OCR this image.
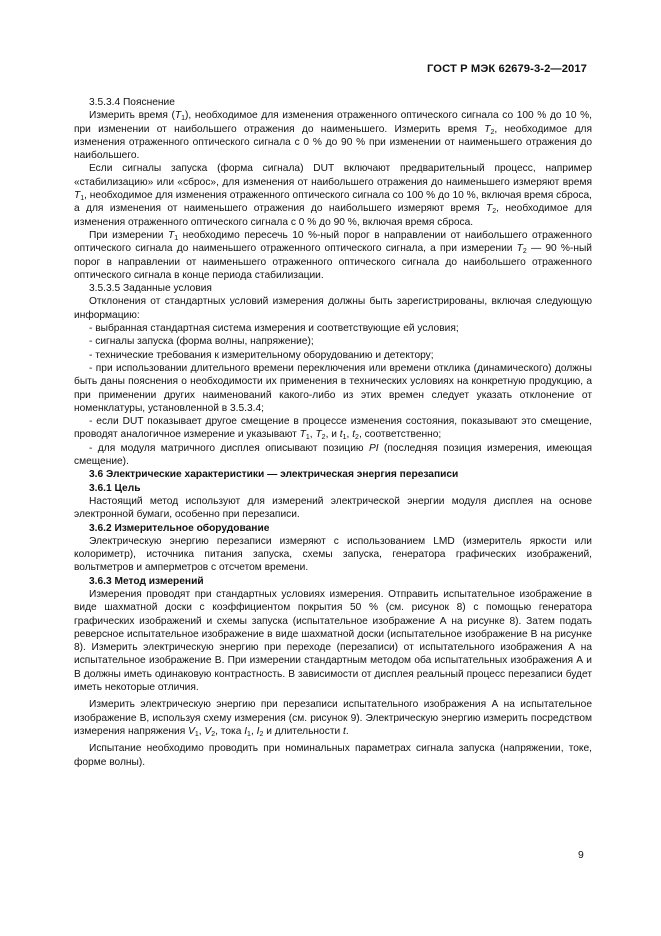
ГОСТ Р МЭК 62679-3-2—2017

3.5.3.4 Пояснение

Измерить время $(T_1)$, необходимое для изменения отраженного оптического сигнала со 100 % до 10 %, при изменении от наибольшего отражения до наименьшего. Измерить время $T_2$, необходимое для изменения отраженного оптического сигнала с 0 % до 90 % при изменении от наименьшего отражения до наибольшего.

Если сигналы запуска (форма сигнала) DUT включают предварительный процесс, например «стабилизацию» или «сброс», для изменения от наибольшего отражения до наименьшего измеряют время $T_1$, необходимое для изменения отраженного оптического сигнала со 100 % до 10 %, включая время сброса, а для изменения от наименьшего отражения до наибольшего измеряют время $T_2$, необходимое для изменения отраженного оптического сигнала с 0 % до 90 %, включая время сброса.

При измерении $T_1$ необходимо пересечь 10 %-ный порог в направлении от наибольшего отраженного оптического сигнала до наименьшего отраженного оптического сигнала, а при измерении $T_2$ — 90 %-ный порог в направлении от наименьшего отраженного оптического сигнала до наибольшего отраженного оптического сигнала в конце периода стабилизации.

3.5.3.5 Заданные условия

Отклонения от стандартных условий измерения должны быть зарегистрированы, включая следующую информацию:

- выбранная стандартная система измерения и соответствующие ей условия;

- сигналы запуска (форма волны, напряжение);

- технические требования к измерительному оборудованию и детектору;

- при использовании длительного времени переключения или времени отклика (динамического) должны быть даны пояснения о необходимости их применения в технических условиях на конкретную продукцию, а при применении других наименований какого-либо из этих времен следует указать отклонение от номенклатуры, установленной в 3.5.3.4;

- если DUT показывает другое смещение в процессе изменения состояния, показывают это смещение, проводят аналогичное измерение и указывают $T_1$, $T_2$, и $t_1$, $t_2$, соответственно;

- для модуля матричного дисплея описывают позицию PI (последняя позиция измерения, имеющая смещение).

3.6 Электрические характеристики — электрическая энергия перезаписи

3.6.1 Цель

Настоящий метод используют для измерений электрической энергии модуля дисплея на основе электронной бумаги, особенно при перезаписи.

3.6.2 Измерительное оборудование

Электрическую энергию перезаписи измеряют с использованием LMD (измеритель яркости или колориметр), источника питания запуска, схемы запуска, генератора графических изображений, вольтметров и амперметров с отсчетом времени.

3.6.3 Метод измерений

Измерения проводят при стандартных условиях измерения. Отправить испытательное изображение в виде шахматной доски с коэффициентом покрытия 50 % (см. рисунок 8) с помощью генератора графических изображений и схемы запуска (испытательное изображение А на рисунке 8). Затем подать реверсное испытательное изображение в виде шахматной доски (испытательное изображение В на рисунке 8). Измерить электрическую энергию при переходе (перезаписи) от испытательного изображения А на испытательное изображение В. При измерении стандартным методом оба испытательных изображения А и В должны иметь одинаковую контрастность. В зависимости от дисплея реальный процесс перезаписи будет иметь некоторые отличия.

Измерить электрическую энергию при перезаписи испытательного изображения А на испытательное изображение В, используя схему измерения (см. рисунок 9). Электрическую энергию измерить посредством измерения напряжения $V_1$, $V_2$, тока $I_1$, $I_2$ и длительности t.

Испытание необходимо проводить при номинальных параметрах сигнала запуска (напряжении, токе, форме волны).

9
